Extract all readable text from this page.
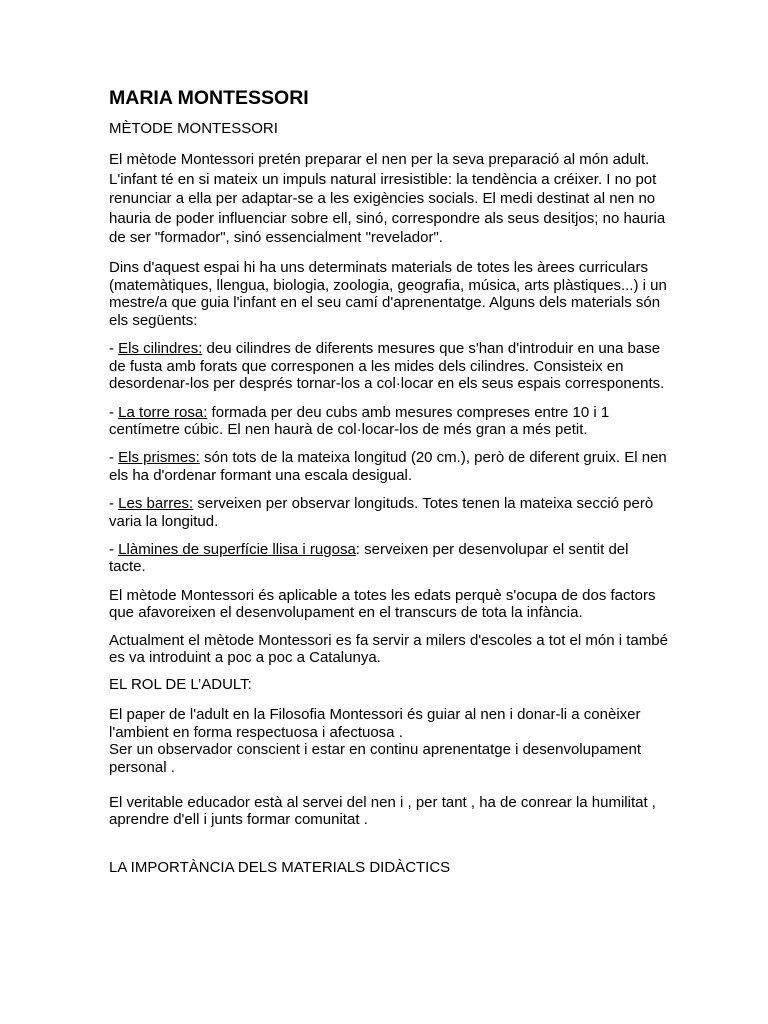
MARIA MONTESSORI
MÈTODE MONTESSORI

El mètode Montessori pretén preparar el nen per la seva preparació al món adult. L'infant té en si mateix un impuls natural irresistible: la tendència a créixer. I no pot renunciar a ella per adaptar-se a les exigències socials. El medi destinat al nen no hauria de poder influenciar sobre ell, sinó, correspondre als seus desitjos; no hauria de ser "formador", sinó essencialment "revelador".

Dins d'aquest espai hi ha uns determinats materials de totes les àrees curriculars (matemàtiques, llengua, biologia, zoologia, geografia, música, arts plàstiques...) i un mestre/a que guia l'infant en el seu camí d'aprenentatge. Alguns dels materials són els següents:

- Els cilindres: deu cilindres de diferents mesures que s'han d'introduir en una base de fusta amb forats que corresponen a les mides dels cilindres. Consisteix en desordenar-los per després tornar-los a col·locar en els seus espais corresponents.

- La torre rosa: formada per deu cubs amb mesures compreses entre 10 i 1 centímetre cúbic. El nen haurà de col·locar-los de més gran a més petit.

- Els prismes: són tots de la mateixa longitud (20 cm.), però de diferent gruix. El nen els ha d'ordenar formant una escala desigual.

- Les barres: serveixen per observar longituds. Totes tenen la mateixa secció però varia la longitud.

- Llàmines de superfície llisa i rugosa: serveixen per desenvolupar el sentit del tacte.

El mètode Montessori és aplicable a totes les edats perquè s'ocupa de dos factors que afavoreixen el desenvolupament en el transcurs de tota la infància.

Actualment el mètode Montessori es fa servir a milers d'escoles a tot el món i també es va introduint a poc a poc a Catalunya.

EL ROL DE L’ADULT:

El paper de l'adult en la Filosofia Montessori és guiar al nen i donar-li a conèixer l'ambient en forma respectuosa i afectuosa .

Ser un observador conscient i estar en continu aprenentatge i desenvolupament personal .

El veritable educador està al servei del nen i , per tant , ha de conrear la humilitat , aprendre d'ell i junts formar comunitat .

LA IMPORTÀNCIA DELS MATERIALS DIDÀCTICS
